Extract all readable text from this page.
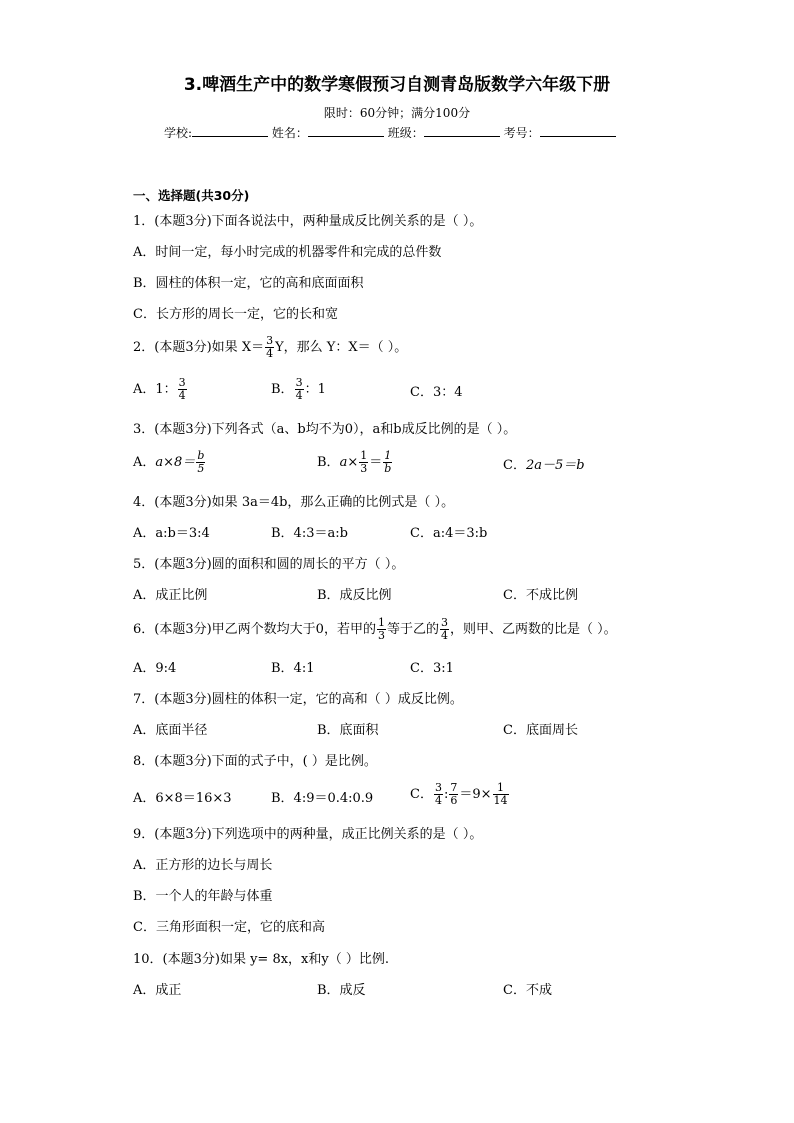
3.啤酒生产中的数学寒假预习自测青岛版数学六年级下册
限时：60分钟；满分100分
学校:	姓名：	班级：	考号：
一、选择题(共30分)
1．(本题3分)下面各说法中，两种量成反比例关系的是（ ）。
A．时间一定，每小时完成的机器零件和完成的总件数
B．圆柱的体积一定，它的高和底面面积
C．长方形的周长一定，它的长和宽
2．(本题3分)如果 $X= \frac{3}{4}$ Y，那么 Y：X＝（ ）。
A．1： $\frac{3}{4}$	B． $\frac{3}{4}$ ：1	C．3：4
3．(本题3分)下列各式（a、b均不为0），a和b成反比例的是（ ）。
A．$a\times 8= \frac{b}{5}$	B．$a\times \frac{1}{3} = \frac{1}{b}$	C．2a－5＝b
4．(本题3分)如果 3a＝4b，那么正确的比例式是（ ）。
A．a:b＝3:4	B．4:3＝a:b	C．a:4＝3:b
5．(本题3分)圆的面积和圆的周长的平方（ ）。
A．成正比例	B．成反比例	C．不成比例
6．(本题3分)甲乙两个数均大于0，若甲的 $\frac{1}{3}$ 等于乙的 $\frac{3}{4}$ ，则甲、乙两数的比是（ ）。
A．9:4	B．4:1	C．3:1
7．(本题3分)圆柱的体积一定，它的高和（ ）成反比例。
A．底面半径	B．底面积	C．底面周长
8．(本题3分)下面的式子中，( ）是比例。
A．6×8＝16×3	B．4:9＝0.4:0.9	C． $\frac{3}{4}$ : $\frac{7}{6} =9\times \frac{1}{14}$
9．(本题3分)下列选项中的两种量，成正比例关系的是（ ）。
A．正方形的边长与周长
B．一个人的年龄与体重
C．三角形面积一定，它的底和高
10．(本题3分)如果 y= 8x，x和y（ ）比例.
A．成正	B．成反	C．不成
